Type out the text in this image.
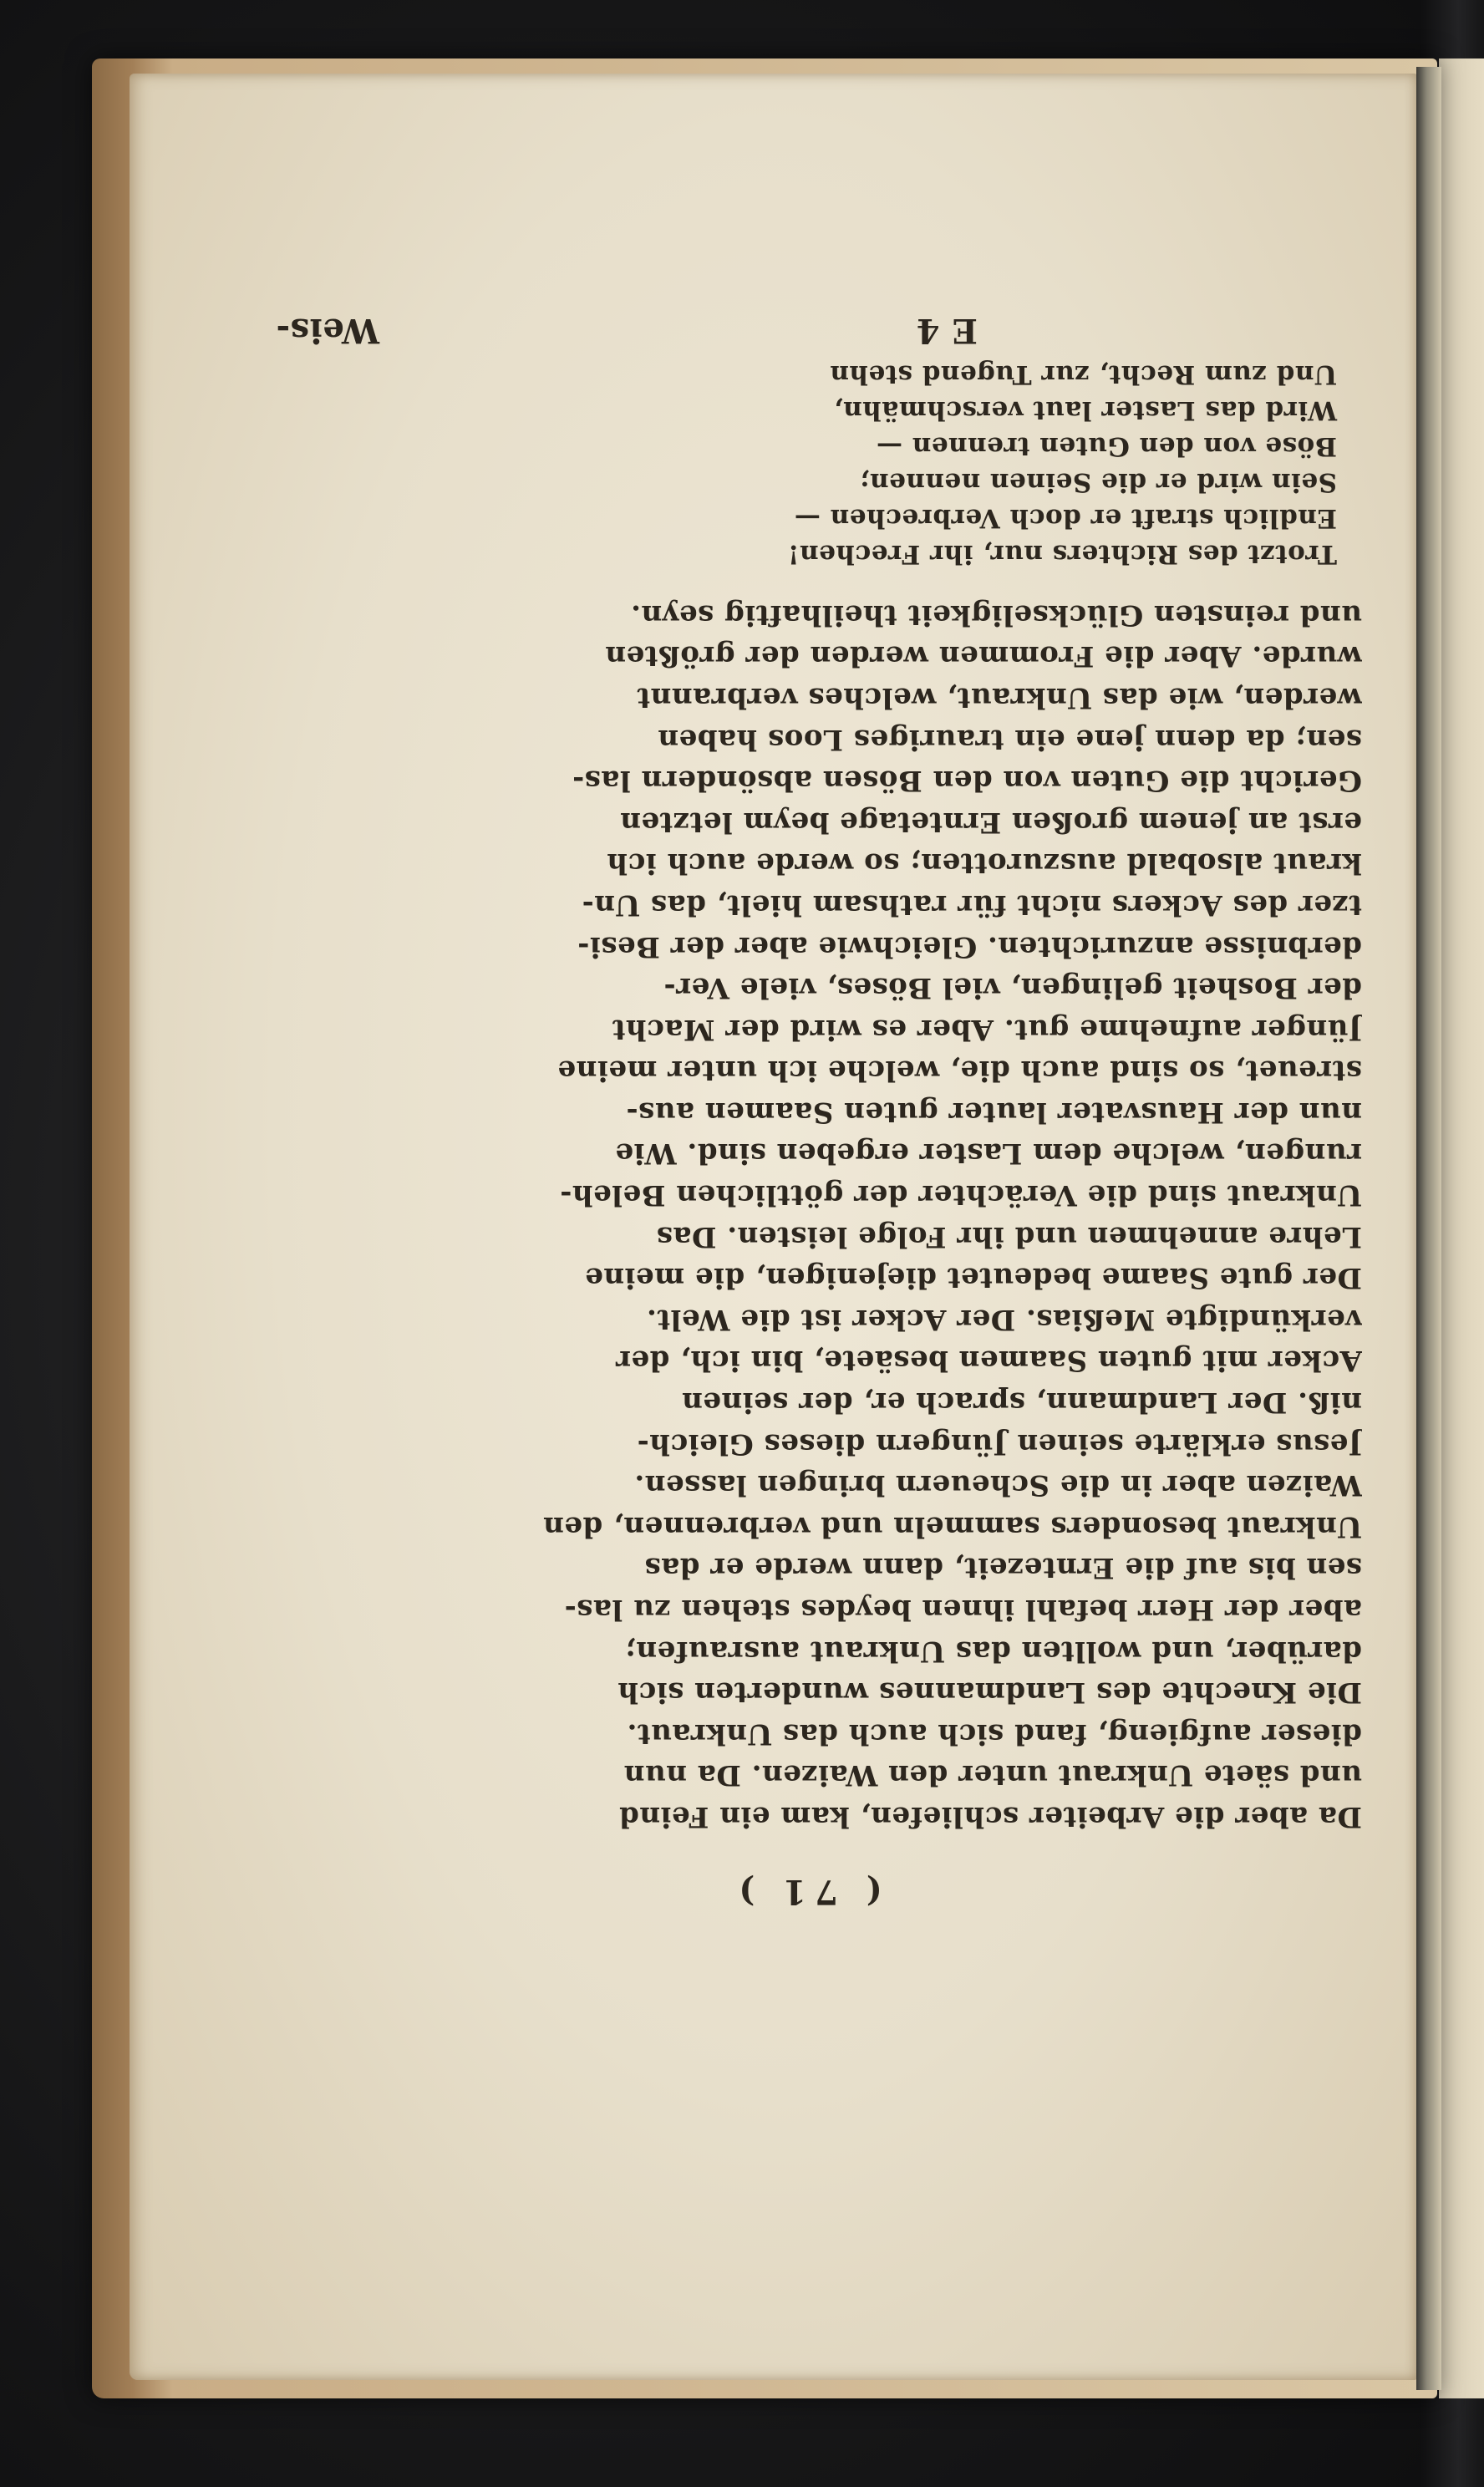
( 71 )
Da aber die Arbeiter schliefen, kam ein Feind
und säete Unkraut unter den Waizen. Da nun
dieser aufgieng, fand sich auch das Unkraut.
Die Knechte des Landmannes wunderten sich
darüber, und wollten das Unkraut ausraufen;
aber der Herr befahl ihnen beydes stehen zu las-
sen bis auf die Erntezeit, dann werde er das
Unkraut besonders sammeln und verbrennen, den
Waizen aber in die Scheuern bringen lassen.
Jesus erklärte seinen Jüngern dieses Gleich-
niß. Der Landmann, sprach er, der seinen
Acker mit guten Saamen besäete, bin ich, der
verkündigte Meßias. Der Acker ist die Welt.
Der gute Saame bedeutet diejenigen, die meine
Lehre annehmen und ihr Folge leisten. Das
Unkraut sind die Verächter der göttlichen Beleh-
rungen, welche dem Laster ergeben sind. Wie
nun der Hausvater lauter guten Saamen aus-
streuet, so sind auch die, welche ich unter meine
Jünger aufnehme gut. Aber es wird der Macht
der Bosheit gelingen, viel Böses, viele Ver-
derbnisse anzurichten. Gleichwie aber der Besi-
tzer des Ackers nicht für rathsam hielt, das Un-
kraut alsobald auszurotten; so werde auch ich
erst an jenem großen Erntetage beym letzten
Gericht die Guten von den Bösen absöndern las-
sen; da denn jene ein trauriges Loos haben
werden, wie das Unkraut, welches verbrannt
wurde. Aber die Frommen werden der größten
und reinsten Glückseligkeit theilhaftig seyn.
Trotzt des Richters nur, ihr Frechen!
Endlich straft er doch Verbrechen —
Sein wird er die Seinen nennen;
Böse von den Guten trennen —
Wird das Laster laut verschmähn,
Und zum Recht, zur Tugend stehn
E 4
Weis-
